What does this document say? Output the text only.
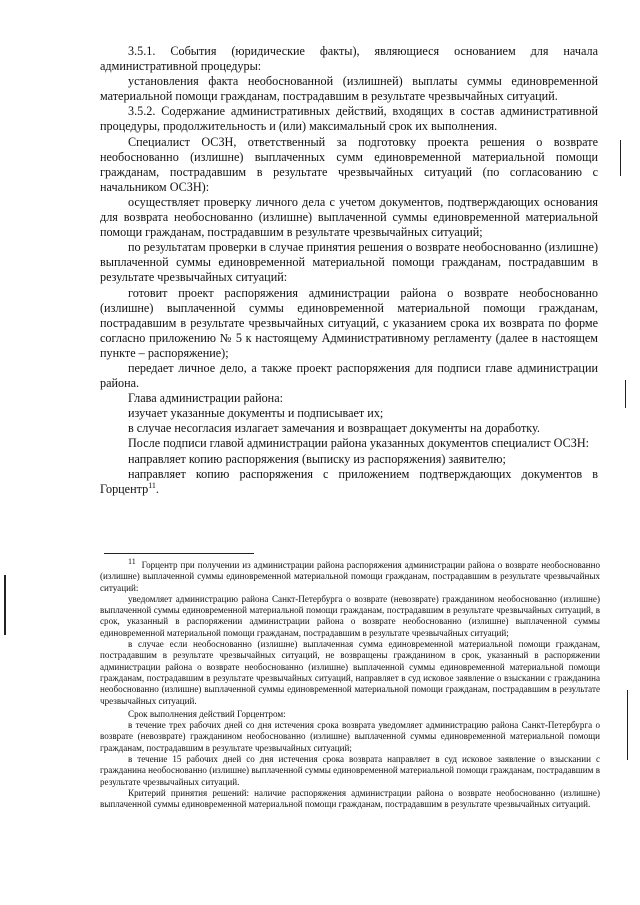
3.5.1. События (юридические факты), являющиеся основанием для начала административной процедуры:

установления факта необоснованной (излишней) выплаты суммы единовременной материальной помощи гражданам, пострадавшим в результате чрезвычайных ситуаций.

3.5.2. Содержание административных действий, входящих в состав административной процедуры, продолжительность и (или) максимальный срок их выполнения.

Специалист ОСЗН, ответственный за подготовку проекта решения о возврате необоснованно (излишне) выплаченных сумм единовременной материальной помощи гражданам, пострадавшим в результате чрезвычайных ситуаций (по согласованию с начальником ОСЗН):

осуществляет проверку личного дела с учетом документов, подтверждающих основания для возврата необоснованно (излишне) выплаченной суммы единовременной материальной помощи гражданам, пострадавшим в результате чрезвычайных ситуаций;

по результатам проверки в случае принятия решения о возврате необоснованно (излишне) выплаченной суммы единовременной материальной помощи гражданам, пострадавшим в результате чрезвычайных ситуаций:

готовит проект распоряжения администрации района о возврате необоснованно (излишне) выплаченной суммы единовременной материальной помощи гражданам, пострадавшим в результате чрезвычайных ситуаций, с указанием срока их возврата по форме согласно приложению № 5 к настоящему Административному регламенту (далее в настоящем пункте – распоряжение);

передает личное дело, а также проект распоряжения для подписи главе администрации района.

Глава администрации района:

изучает указанные документы и подписывает их;

в случае несогласия излагает замечания и возвращает документы на доработку.

После подписи главой администрации района указанных документов специалист ОСЗН:

направляет копию распоряжения (выписку из распоряжения) заявителю;

направляет копию распоряжения с приложением подтверждающих документов в Горцентр$^{11}$.

$^{11}$ Горцентр при получении из администрации района распоряжения администрации района о возврате необоснованно (излишне) выплаченной суммы единовременной материальной помощи гражданам, пострадавшим в результате чрезвычайных ситуаций:

уведомляет администрацию района Санкт-Петербурга о возврате (невозврате) гражданином необоснованно (излишне) выплаченной суммы единовременной материальной помощи гражданам, пострадавшим в результате чрезвычайных ситуаций, в срок, указанный в распоряжении администрации района о возврате необоснованно (излишне) выплаченной суммы единовременной материальной помощи гражданам, пострадавшим в результате чрезвычайных ситуаций;

в случае если необоснованно (излишне) выплаченная сумма единовременной материальной помощи гражданам, пострадавшим в результате чрезвычайных ситуаций, не возвращены гражданином в срок, указанный в распоряжении администрации района о возврате необоснованно (излишне) выплаченной суммы единовременной материальной помощи гражданам, пострадавшим в результате чрезвычайных ситуаций, направляет в суд исковое заявление о взыскании с гражданина необоснованно (излишне) выплаченной суммы единовременной материальной помощи гражданам, пострадавшим в результате чрезвычайных ситуаций.

Срок выполнения действий Горцентром:

в течение трех рабочих дней со дня истечения срока возврата уведомляет администрацию района Санкт-Петербурга о возврате (невозврате) гражданином необоснованно (излишне) выплаченной суммы единовременной материальной помощи гражданам, пострадавшим в результате чрезвычайных ситуаций;

в течение 15 рабочих дней со дня истечения срока возврата направляет в суд исковое заявление о взыскании с гражданина необоснованно (излишне) выплаченной суммы единовременной материальной помощи гражданам, пострадавшим в результате чрезвычайных ситуаций.

Критерий принятия решений: наличие распоряжения администрации района о возврате необоснованно (излишне) выплаченной суммы единовременной материальной помощи гражданам, пострадавшим в результате чрезвычайных ситуаций.
